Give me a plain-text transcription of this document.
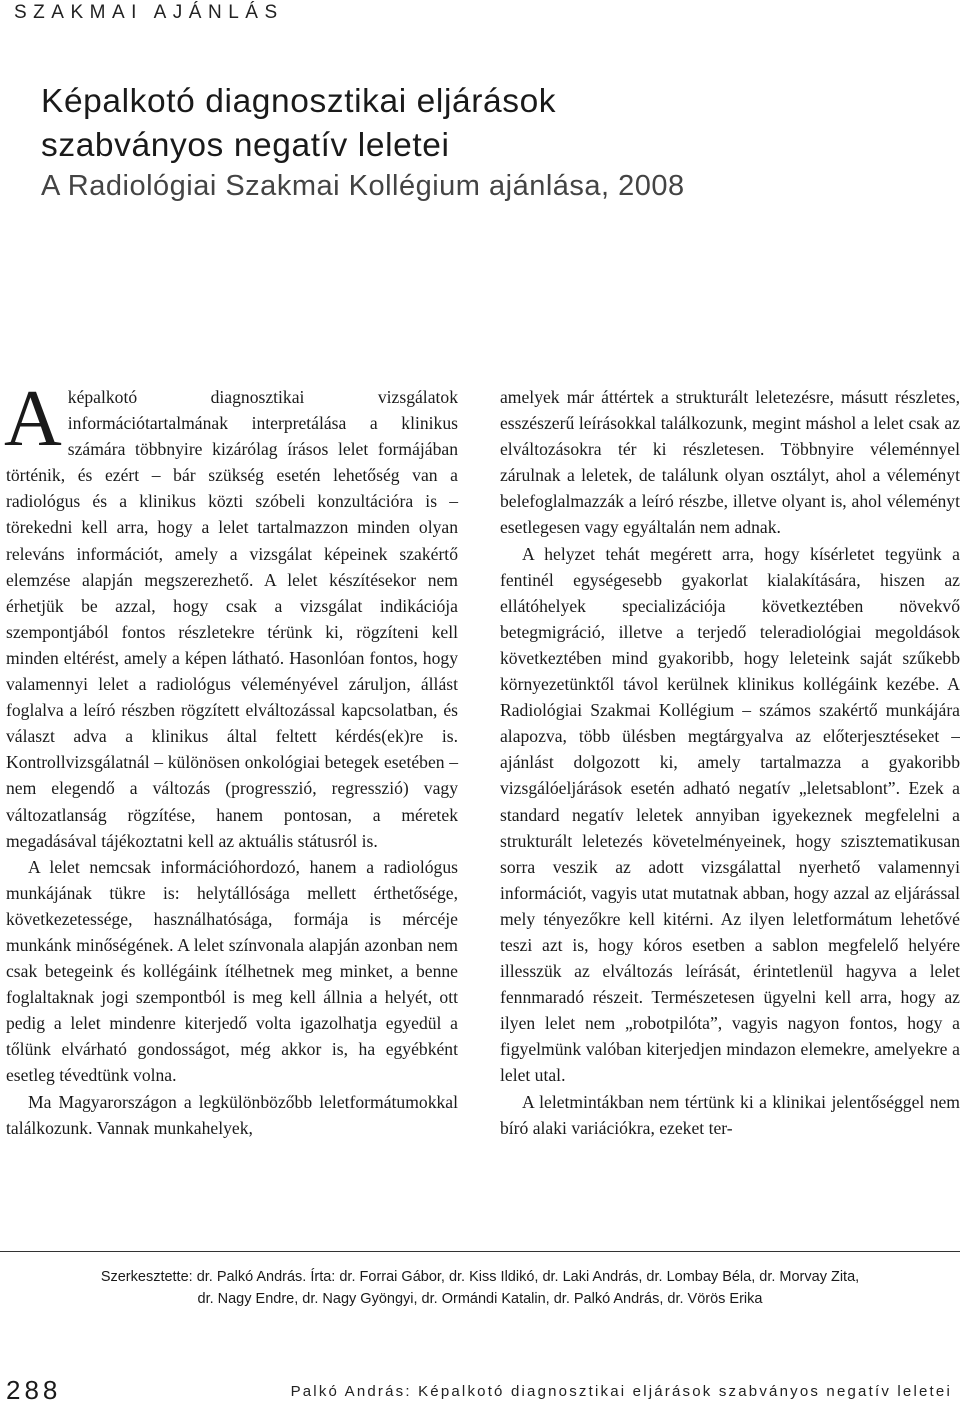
SZAKMAI AJÁNLÁS
Képalkotó diagnosztikai eljárások
szabványos negatív leletei
A Radiológiai Szakmai Kollégium ajánlása, 2008

Aképalkotó diagnosztikai vizsgálatok információtartalmának interpretálása a klinikus számára többnyire kizárólag írásos lelet formájában történik, és ezért – bár szükség esetén lehetőség van a radiológus és a klinikus közti szóbeli konzultációra is – törekedni kell arra, hogy a lelet tartalmazzon minden olyan releváns információt, amely a vizsgálat képeinek szakértő elemzése alapján megszerezhető. A lelet készítésekor nem érhetjük be azzal, hogy csak a vizsgálat indikációja szempontjából fontos részletekre térünk ki, rögzíteni kell minden eltérést, amely a képen látható. Hasonlóan fontos, hogy valamennyi lelet a radiológus véleményével záruljon, állást foglalva a leíró részben rögzített elváltozással kapcsolatban, és választ adva a klinikus által feltett kérdés(ek)re is. Kontrollvizsgálatnál – különösen onkológiai betegek esetében – nem elegendő a változás (progresszió, regresszió) vagy változatlanság rögzítése, hanem pontosan, a méretek megadásával tájékoztatni kell az aktuális státusról is.

A lelet nemcsak információhordozó, hanem a radiológus munkájának tükre is: helytállósága mellett érthetősége, következetessége, használhatósága, formája is mércéje munkánk minőségének. A lelet színvonala alapján azonban nem csak betegeink és kollégáink ítélhetnek meg minket, a benne foglaltaknak jogi szempontból is meg kell állnia a helyét, ott pedig a lelet mindenre kiterjedő volta igazolhatja egyedül a tőlünk elvárható gondosságot, még akkor is, ha egyébként esetleg tévedtünk volna.

Ma Magyarországon a legkülönbözőbb leletformátumokkal találkozunk. Vannak munkahelyek,

amelyek már áttértek a strukturált leletezésre, másutt részletes, esszészerű leírásokkal találkozunk, megint máshol a lelet csak az elváltozásokra tér ki részletesen. Többnyire véleménnyel zárulnak a leletek, de találunk olyan osztályt, ahol a véleményt belefoglalmazzák a leíró részbe, illetve olyant is, ahol véleményt esetlegesen vagy egyáltalán nem adnak.

A helyzet tehát megérett arra, hogy kísérletet tegyünk a fentinél egységesebb gyakorlat kialakítására, hiszen az ellátóhelyek specializációja következtében növekvő betegmigráció, illetve a terjedő teleradiológiai megoldások következtében mind gyakoribb, hogy leleteink saját szűkebb környezetünktől távol kerülnek klinikus kollégáink kezébe. A Radiológiai Szakmai Kollégium – számos szakértő munkájára alapozva, több ülésben megtárgyalva az előterjesztéseket – ajánlást dolgozott ki, amely tartalmazza a gyakoribb vizsgálóeljárások esetén adható negatív „leletsablont”. Ezek a standard negatív leletek annyiban igyekeznek megfelelni a strukturált leletezés követelményeinek, hogy szisztematikusan sorra veszik az adott vizsgálattal nyerhető valamennyi információt, vagyis utat mutatnak abban, hogy azzal az eljárással mely tényezőkre kell kitérni. Az ilyen leletformátum lehetővé teszi azt is, hogy kóros esetben a sablon megfelelő helyére illesszük az elváltozás leírását, érintetlenül hagyva a lelet fennmaradó részeit. Természetesen ügyelni kell arra, hogy az ilyen lelet nem „robotpilóta”, vagyis nagyon fontos, hogy a figyelmünk valóban kiterjedjen mindazon elemekre, amelyekre a lelet utal.

A leletmintákban nem tértünk ki a klinikai jelentőséggel nem bíró alaki variációkra, ezeket ter-

Szerkesztette: dr. Palkó András. Írta: dr. Forrai Gábor, dr. Kiss Ildikó, dr. Laki András, dr. Lombay Béla, dr. Morvay Zita,
dr. Nagy Endre, dr. Nagy Gyöngyi, dr. Ormándi Katalin, dr. Palkó András, dr. Vörös Erika
288	Palkó András: Képalkotó diagnosztikai eljárások szabványos negatív leletei
